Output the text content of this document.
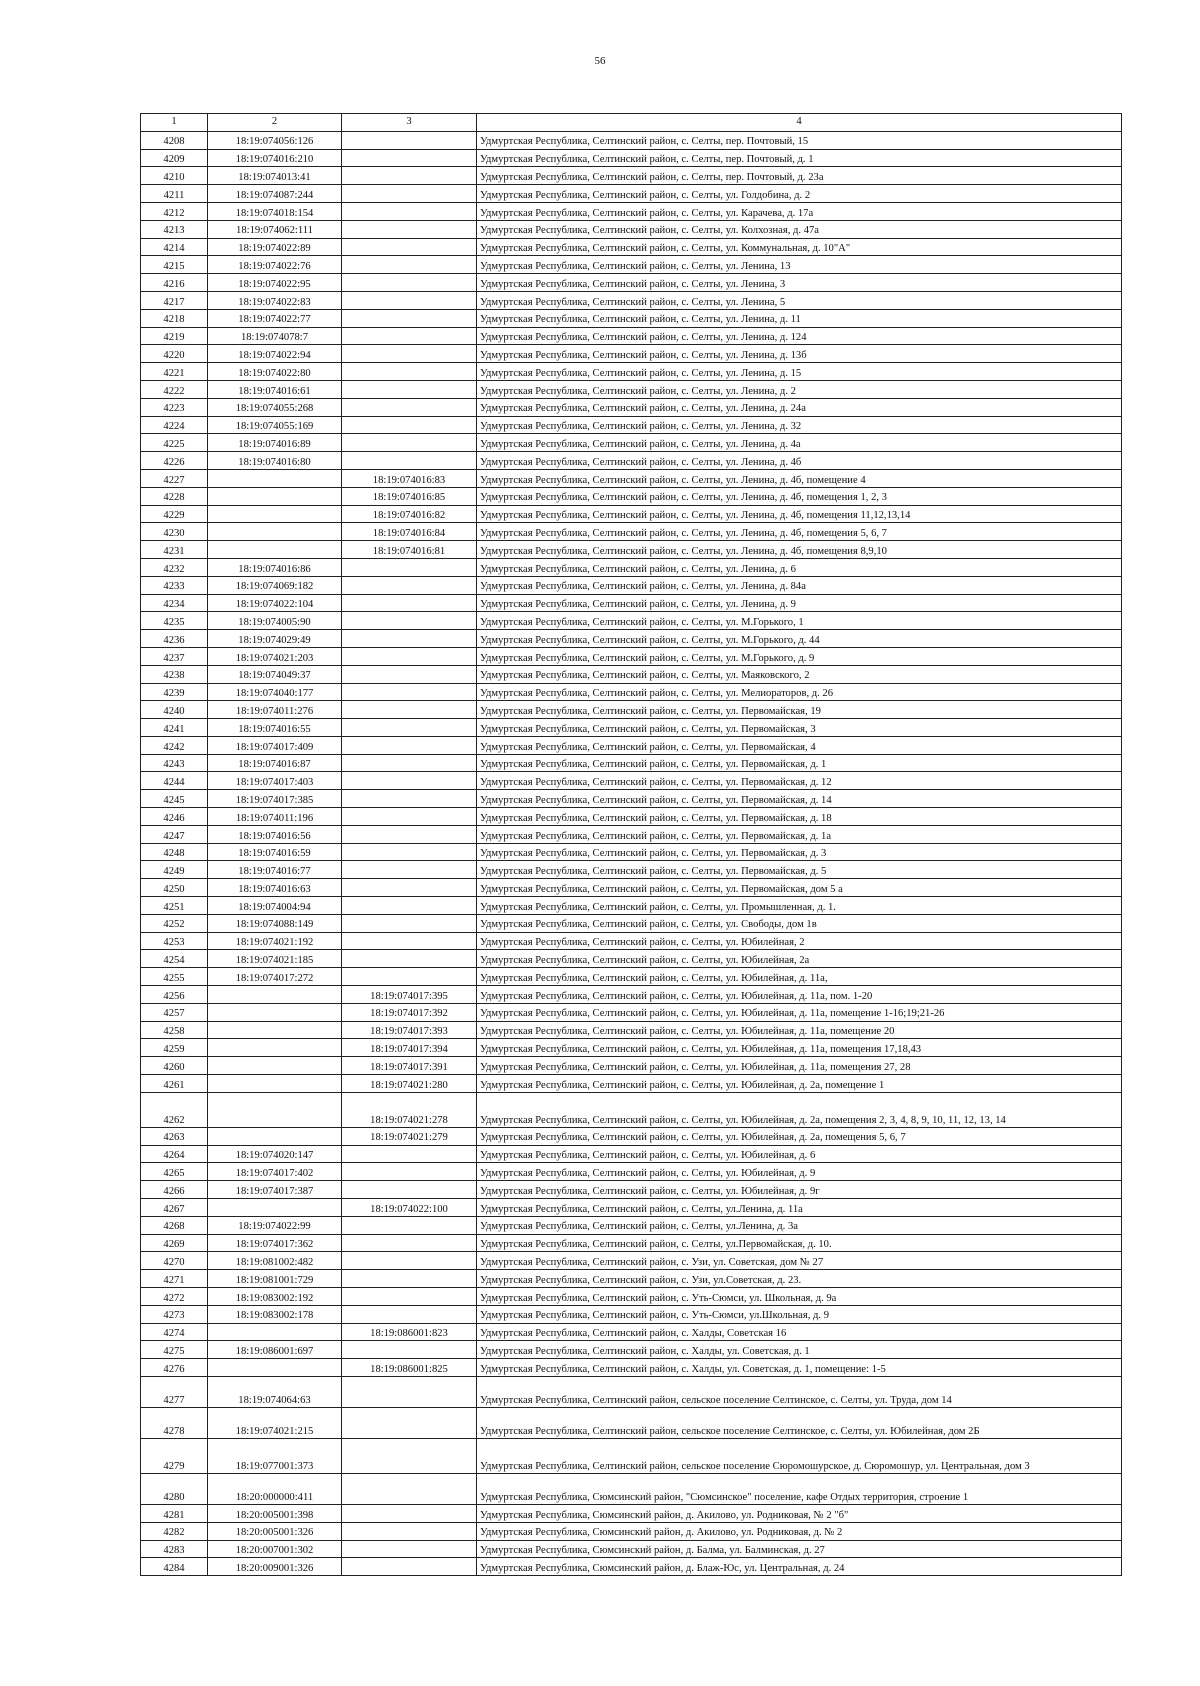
56
1	2	3	4
4208	18:19:074056:126		Удмуртская Республика, Селтинский район, с. Селты, пер. Почтовый, 15
4209	18:19:074016:210		Удмуртская Республика, Селтинский район, с. Селты, пер. Почтовый, д. 1
4210	18:19:074013:41		Удмуртская Республика, Селтинский район, с. Селты, пер. Почтовый, д. 23а
4211	18:19:074087:244		Удмуртская Республика, Селтинский район, с. Селты, ул. Голдобина, д. 2
4212	18:19:074018:154		Удмуртская Республика, Селтинский район, с. Селты, ул. Карачева, д. 17а
4213	18:19:074062:111		Удмуртская Республика, Селтинский район, с. Селты, ул. Колхозная, д. 47а
4214	18:19:074022:89		Удмуртская Республика, Селтинский район, с. Селты, ул. Коммунальная, д. 10"А"
4215	18:19:074022:76		Удмуртская Республика, Селтинский район, с. Селты, ул. Ленина, 13
4216	18:19:074022:95		Удмуртская Республика, Селтинский район, с. Селты, ул. Ленина, 3
4217	18:19:074022:83		Удмуртская Республика, Селтинский район, с. Селты, ул. Ленина, 5
4218	18:19:074022:77		Удмуртская Республика, Селтинский район, с. Селты, ул. Ленина, д. 11
4219	18:19:074078:7		Удмуртская Республика, Селтинский район, с. Селты, ул. Ленина, д. 124
4220	18:19:074022:94		Удмуртская Республика, Селтинский район, с. Селты, ул. Ленина, д. 13б
4221	18:19:074022:80		Удмуртская Республика, Селтинский район, с. Селты, ул. Ленина, д. 15
4222	18:19:074016:61		Удмуртская Республика, Селтинский район, с. Селты, ул. Ленина, д. 2
4223	18:19:074055:268		Удмуртская Республика, Селтинский район, с. Селты, ул. Ленина, д. 24а
4224	18:19:074055:169		Удмуртская Республика, Селтинский район, с. Селты, ул. Ленина, д. 32
4225	18:19:074016:89		Удмуртская Республика, Селтинский район, с. Селты, ул. Ленина, д. 4а
4226	18:19:074016:80		Удмуртская Республика, Селтинский район, с. Селты, ул. Ленина, д. 4б
4227		18:19:074016:83	Удмуртская Республика, Селтинский район, с. Селты, ул. Ленина, д. 4б, помещение 4
4228		18:19:074016:85	Удмуртская Республика, Селтинский район, с. Селты, ул. Ленина, д. 4б, помещения 1, 2, 3
4229		18:19:074016:82	Удмуртская Республика, Селтинский район, с. Селты, ул. Ленина, д. 4б, помещения 11,12,13,14
4230		18:19:074016:84	Удмуртская Республика, Селтинский район, с. Селты, ул. Ленина, д. 4б, помещения 5, 6, 7
4231		18:19:074016:81	Удмуртская Республика, Селтинский район, с. Селты, ул. Ленина, д. 4б, помещения 8,9,10
4232	18:19:074016:86		Удмуртская Республика, Селтинский район, с. Селты, ул. Ленина, д. 6
4233	18:19:074069:182		Удмуртская Республика, Селтинский район, с. Селты, ул. Ленина, д. 84а
4234	18:19:074022:104		Удмуртская Республика, Селтинский район, с. Селты, ул. Ленина, д. 9
4235	18:19:074005:90		Удмуртская Республика, Селтинский район, с. Селты, ул. М.Горького, 1
4236	18:19:074029:49		Удмуртская Республика, Селтинский район, с. Селты, ул. М.Горького, д. 44
4237	18:19:074021:203		Удмуртская Республика, Селтинский район, с. Селты, ул. М.Горького, д. 9
4238	18:19:074049:37		Удмуртская Республика, Селтинский район, с. Селты, ул. Маяковского, 2
4239	18:19:074040:177		Удмуртская Республика, Селтинский район, с. Селты, ул. Мелиораторов, д. 26
4240	18:19:074011:276		Удмуртская Республика, Селтинский район, с. Селты, ул. Первомайская, 19
4241	18:19:074016:55		Удмуртская Республика, Селтинский район, с. Селты, ул. Первомайская, 3
4242	18:19:074017:409		Удмуртская Республика, Селтинский район, с. Селты, ул. Первомайская, 4
4243	18:19:074016:87		Удмуртская Республика, Селтинский район, с. Селты, ул. Первомайская, д. 1
4244	18:19:074017:403		Удмуртская Республика, Селтинский район, с. Селты, ул. Первомайская, д. 12
4245	18:19:074017:385		Удмуртская Республика, Селтинский район, с. Селты, ул. Первомайская, д. 14
4246	18:19:074011:196		Удмуртская Республика, Селтинский район, с. Селты, ул. Первомайская, д. 18
4247	18:19:074016:56		Удмуртская Республика, Селтинский район, с. Селты, ул. Первомайская, д. 1а
4248	18:19:074016:59		Удмуртская Республика, Селтинский район, с. Селты, ул. Первомайская, д. 3
4249	18:19:074016:77		Удмуртская Республика, Селтинский район, с. Селты, ул. Первомайская, д. 5
4250	18:19:074016:63		Удмуртская Республика, Селтинский район, с. Селты, ул. Первомайская, дом 5 а
4251	18:19:074004:94		Удмуртская Республика, Селтинский район, с. Селты, ул. Промышленная, д. 1.
4252	18:19:074088:149		Удмуртская Республика, Селтинский район, с. Селты, ул. Свободы, дом 1в
4253	18:19:074021:192		Удмуртская Республика, Селтинский район, с. Селты, ул. Юбилейная, 2
4254	18:19:074021:185		Удмуртская Республика, Селтинский район, с. Селты, ул. Юбилейная, 2а
4255	18:19:074017:272		Удмуртская Республика, Селтинский район, с. Селты, ул. Юбилейная, д. 11а,
4256		18:19:074017:395	Удмуртская Республика, Селтинский район, с. Селты, ул. Юбилейная, д. 11а, пом. 1-20
4257		18:19:074017:392	Удмуртская Республика, Селтинский район, с. Селты, ул. Юбилейная, д. 11а, помещение 1-16;19;21-26
4258		18:19:074017:393	Удмуртская Республика, Селтинский район, с. Селты, ул. Юбилейная, д. 11а, помещение 20
4259		18:19:074017:394	Удмуртская Республика, Селтинский район, с. Селты, ул. Юбилейная, д. 11а, помещения 17,18,43
4260		18:19:074017:391	Удмуртская Республика, Селтинский район, с. Селты, ул. Юбилейная, д. 11а, помещения 27, 28
4261		18:19:074021:280	Удмуртская Республика, Селтинский район, с. Селты, ул. Юбилейная, д. 2а, помещение 1
4262		18:19:074021:278	Удмуртская Республика, Селтинский район, с. Селты, ул. Юбилейная, д. 2а, помещения 2, 3, 4, 8, 9, 10, 11, 12, 13, 14
4263		18:19:074021:279	Удмуртская Республика, Селтинский район, с. Селты, ул. Юбилейная, д. 2а, помещения 5, 6, 7
4264	18:19:074020:147		Удмуртская Республика, Селтинский район, с. Селты, ул. Юбилейная, д. 6
4265	18:19:074017:402		Удмуртская Республика, Селтинский район, с. Селты, ул. Юбилейная, д. 9
4266	18:19:074017:387		Удмуртская Республика, Селтинский район, с. Селты, ул. Юбилейная, д. 9г
4267		18:19:074022:100	Удмуртская Республика, Селтинский район, с. Селты, ул.Ленина, д. 11а
4268	18:19:074022:99		Удмуртская Республика, Селтинский район, с. Селты, ул.Ленина, д. 3а
4269	18:19:074017:362		Удмуртская Республика, Селтинский район, с. Селты, ул.Первомайская, д. 10.
4270	18:19:081002:482		Удмуртская Республика, Селтинский район, с. Узи, ул. Советская, дом № 27
4271	18:19:081001:729		Удмуртская Республика, Селтинский район, с. Узи, ул.Советская, д. 23.
4272	18:19:083002:192		Удмуртская Республика, Селтинский район, с. Уть-Сюмси, ул. Школьная, д. 9а
4273	18:19:083002:178		Удмуртская Республика, Селтинский район, с. Уть-Сюмси, ул.Школьная, д. 9
4274		18:19:086001:823	Удмуртская Республика, Селтинский район, с. Халды, Советская 16
4275	18:19:086001:697		Удмуртская Республика, Селтинский район, с. Халды, ул. Советская, д. 1
4276		18:19:086001:825	Удмуртская Республика, Селтинский район, с. Халды, ул. Советская, д. 1, помещение: 1-5
4277	18:19:074064:63		Удмуртская Республика, Селтинский район, сельское поселение Селтинское, с. Селты, ул. Труда, дом 14
4278	18:19:074021:215		Удмуртская Республика, Селтинский район, сельское поселение Селтинское, с. Селты, ул. Юбилейная, дом 2Б
4279	18:19:077001:373		Удмуртская Республика, Селтинский район, сельское поселение Сюромошурское, д. Сюромошур, ул. Центральная, дом 3
4280	18:20:000000:411		Удмуртская Республика, Сюмсинский район, "Сюмсинское" поселение, кафе Отдых территория, строение 1
4281	18:20:005001:398		Удмуртская Республика, Сюмсинский район, д. Акилово, ул. Родниковая, № 2 "б"
4282	18:20:005001:326		Удмуртская Республика, Сюмсинский район, д. Акилово, ул. Родниковая, д. № 2
4283	18:20:007001:302		Удмуртская Республика, Сюмсинский район, д. Балма, ул. Балминская, д. 27
4284	18:20:009001:326		Удмуртская Республика, Сюмсинский район, д. Блаж-Юс, ул. Центральная, д. 24
